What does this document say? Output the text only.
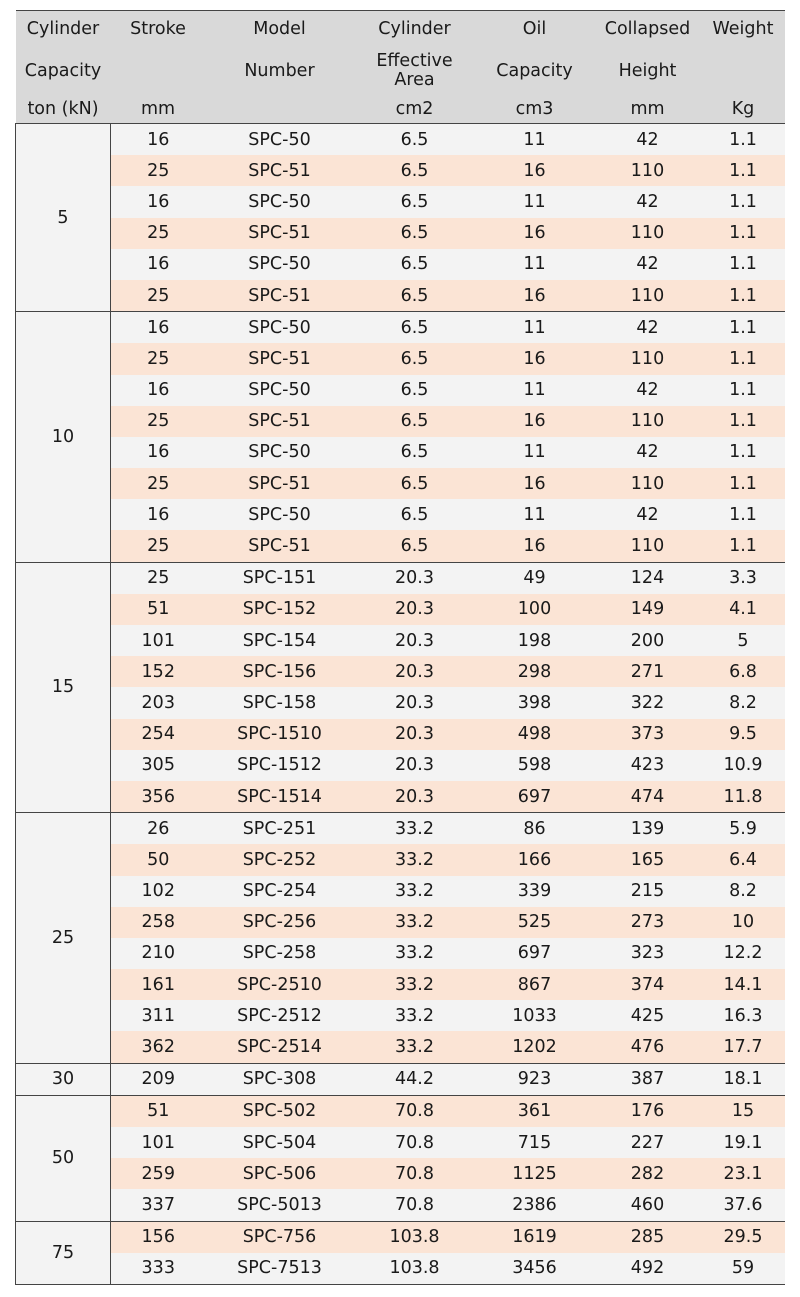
Cylinder	Stroke	Model	Cylinder	Oil	Collapsed	Weight
Capacity		Number	Effective Area	Capacity	Height	
ton (kN)	mm		cm2	cm3	mm	Kg
5	16	SPC-50	6.5	11	42	1.1
	25	SPC-51	6.5	16	110	1.1
	16	SPC-50	6.5	11	42	1.1
	25	SPC-51	6.5	16	110	1.1
	16	SPC-50	6.5	11	42	1.1
	25	SPC-51	6.5	16	110	1.1
10	16	SPC-50	6.5	11	42	1.1
	25	SPC-51	6.5	16	110	1.1
	16	SPC-50	6.5	11	42	1.1
	25	SPC-51	6.5	16	110	1.1
	16	SPC-50	6.5	11	42	1.1
	25	SPC-51	6.5	16	110	1.1
	16	SPC-50	6.5	11	42	1.1
	25	SPC-51	6.5	16	110	1.1
15	25	SPC-151	20.3	49	124	3.3
	51	SPC-152	20.3	100	149	4.1
	101	SPC-154	20.3	198	200	5
	152	SPC-156	20.3	298	271	6.8
	203	SPC-158	20.3	398	322	8.2
	254	SPC-1510	20.3	498	373	9.5
	305	SPC-1512	20.3	598	423	10.9
	356	SPC-1514	20.3	697	474	11.8
25	26	SPC-251	33.2	86	139	5.9
	50	SPC-252	33.2	166	165	6.4
	102	SPC-254	33.2	339	215	8.2
	258	SPC-256	33.2	525	273	10
	210	SPC-258	33.2	697	323	12.2
	161	SPC-2510	33.2	867	374	14.1
	311	SPC-2512	33.2	1033	425	16.3
	362	SPC-2514	33.2	1202	476	17.7
30	209	SPC-308	44.2	923	387	18.1
50	51	SPC-502	70.8	361	176	15
	101	SPC-504	70.8	715	227	19.1
	259	SPC-506	70.8	1125	282	23.1
	337	SPC-5013	70.8	2386	460	37.6
75	156	SPC-756	103.8	1619	285	29.5
	333	SPC-7513	103.8	3456	492	59
